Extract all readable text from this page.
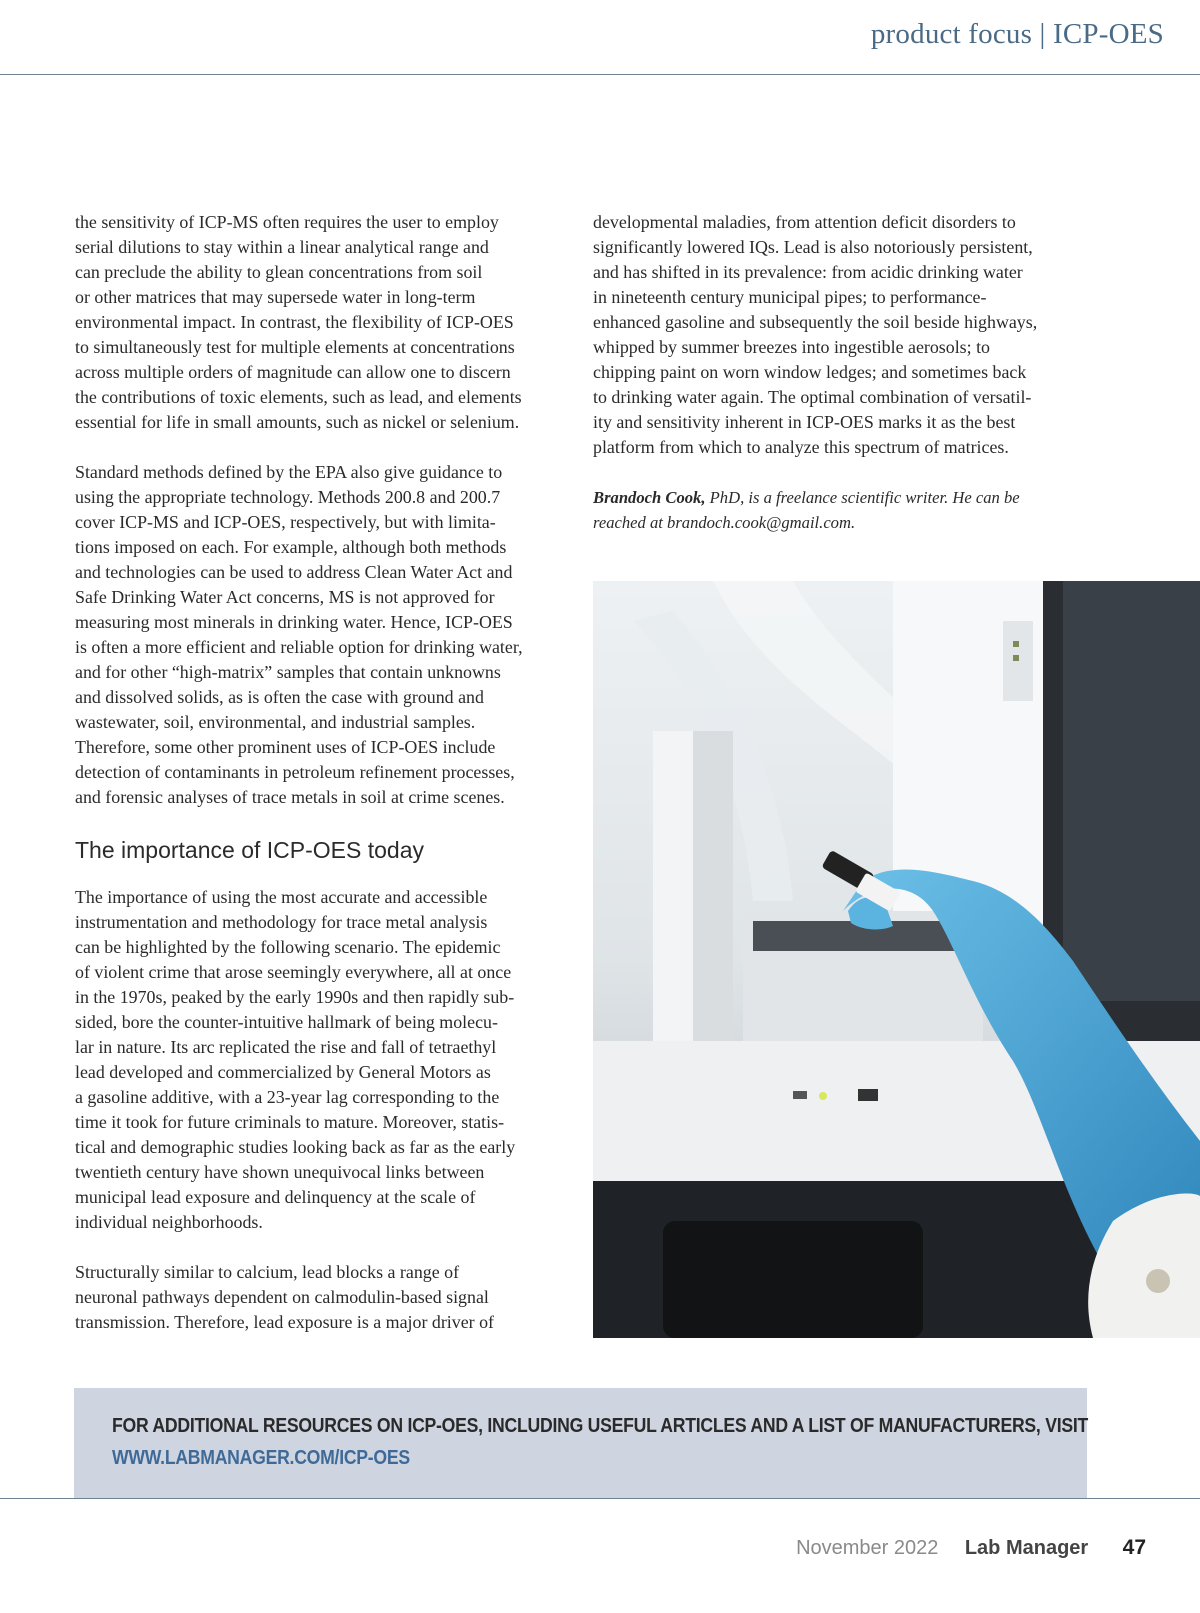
product focus | ICP-OES

the sensitivity of ICP-MS often requires the user to employ
serial dilutions to stay within a linear analytical range and
can preclude the ability to glean concentrations from soil
or other matrices that may supersede water in long-term
environmental impact. In contrast, the flexibility of ICP-OES
to simultaneously test for multiple elements at concentrations
across multiple orders of magnitude can allow one to discern
the contributions of toxic elements, such as lead, and elements
essential for life in small amounts, such as nickel or selenium.

Standard methods defined by the EPA also give guidance to
using the appropriate technology. Methods 200.8 and 200.7
cover ICP-MS and ICP-OES, respectively, but with limita-
tions imposed on each. For example, although both methods
and technologies can be used to address Clean Water Act and
Safe Drinking Water Act concerns, MS is not approved for
measuring most minerals in drinking water. Hence, ICP-OES
is often a more efficient and reliable option for drinking water,
and for other “high-matrix” samples that contain unknowns
and dissolved solids, as is often the case with ground and
wastewater, soil, environmental, and industrial samples.
Therefore, some other prominent uses of ICP-OES include
detection of contaminants in petroleum refinement processes,
and forensic analyses of trace metals in soil at crime scenes.

The importance of ICP-OES today

The importance of using the most accurate and accessible
instrumentation and methodology for trace metal analysis
can be highlighted by the following scenario. The epidemic
of violent crime that arose seemingly everywhere, all at once
in the 1970s, peaked by the early 1990s and then rapidly sub-
sided, bore the counter-intuitive hallmark of being molecu-
lar in nature. Its arc replicated the rise and fall of tetraethyl
lead developed and commercialized by General Motors as
a gasoline additive, with a 23-year lag corresponding to the
time it took for future criminals to mature. Moreover, statis-
tical and demographic studies looking back as far as the early
twentieth century have shown unequivocal links between
municipal lead exposure and delinquency at the scale of
individual neighborhoods.

Structurally similar to calcium, lead blocks a range of
neuronal pathways dependent on calmodulin-based signal
transmission. Therefore, lead exposure is a major driver of

developmental maladies, from attention deficit disorders to
significantly lowered IQs. Lead is also notoriously persistent,
and has shifted in its prevalence: from acidic drinking water
in nineteenth century municipal pipes; to performance-
enhanced gasoline and subsequently the soil beside highways,
whipped by summer breezes into ingestible aerosols; to
chipping paint on worn window ledges; and sometimes back
to drinking water again. The optimal combination of versatil-
ity and sensitivity inherent in ICP-OES marks it as the best
platform from which to analyze this spectrum of matrices.

Brandoch Cook, PhD, is a freelance scientific writer. He can be
reached at brandoch.cook@gmail.com.

FOR ADDITIONAL RESOURCES ON ICP-OES, INCLUDING USEFUL ARTICLES AND A LIST OF MANUFACTURERS, VISIT
WWW.LABMANAGER.COM/ICP-OES
November 2022 Lab Manager 47
